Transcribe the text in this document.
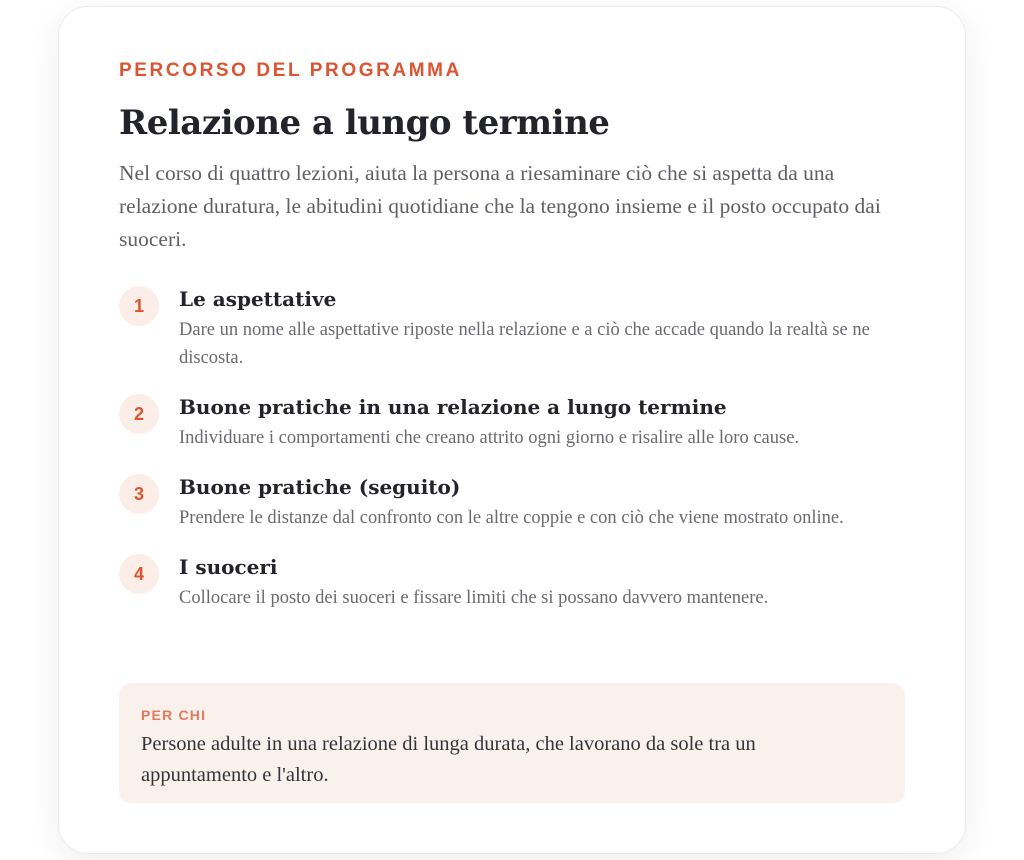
PERCORSO DEL PROGRAMMA

Relazione a lungo termine

Nel corso di quattro lezioni, aiuta la persona a riesaminare ciò che si aspetta da una relazione duratura, le abitudini quotidiane che la tengono insieme e il posto occupato dai suoceri.

1	Le aspettative

Dare un nome alle aspettative riposte nella relazione e a ciò che accade quando la realtà se ne discosta.

2	Buone pratiche in una relazione a lungo termine

Individuare i comportamenti che creano attrito ogni giorno e risalire alle loro cause.

3	Buone pratiche (seguito)

Prendere le distanze dal confronto con le altre coppie e con ciò che viene mostrato online.

4	I suoceri

Collocare il posto dei suoceri e fissare limiti che si possano davvero mantenere.

PER CHI

Persone adulte in una relazione di lunga durata, che lavorano da sole tra un appuntamento e l'altro.
